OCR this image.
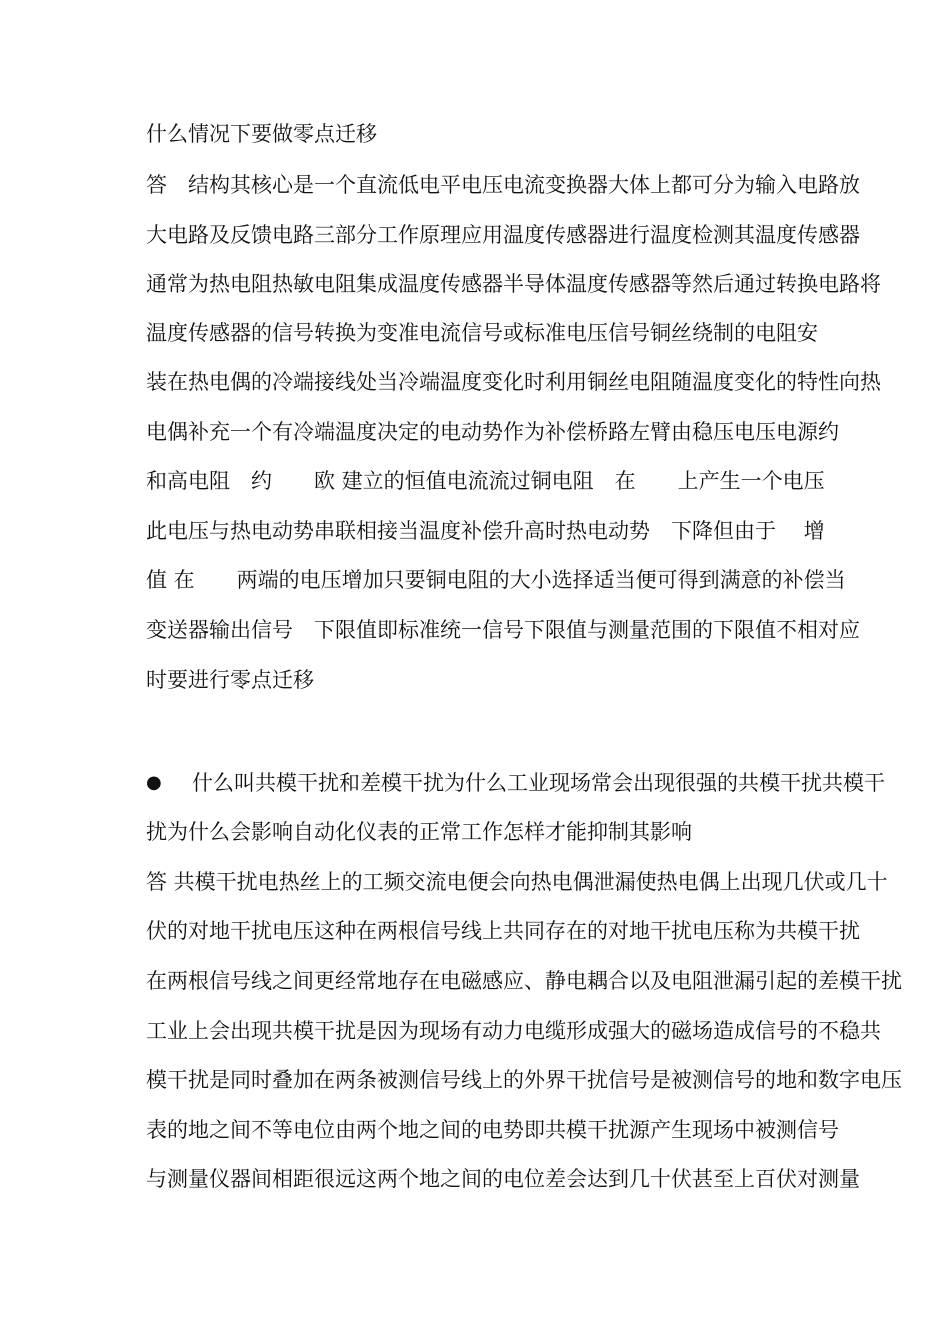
什么情况下要做零点迁移
答　结构其核心是一个直流低电平电压电流变换器大体上都可分为输入电路放
大电路及反馈电路三部分工作原理应用温度传感器进行温度检测其温度传感器
通常为热电阻热敏电阻集成温度传感器半导体温度传感器等然后通过转换电路将
温度传感器的信号转换为变准电流信号或标准电压信号铜丝绕制的电阻安
装在热电偶的冷端接线处当冷端温度变化时利用铜丝电阻随温度变化的特性向热
电偶补充一个有冷端温度决定的电动势作为补偿桥路左臂由稳压电压电源约
和高电阻　约　　欧 建立的恒值电流流过铜电阻　在　　上产生一个电压
此电压与热电动势串联相接当温度补偿升高时热电动势　下降但由于　 增
值 在　　两端的电压增加只要铜电阻的大小选择适当便可得到满意的补偿当
变送器输出信号　下限值即标准统一信号下限值与测量范围的下限值不相对应
时要进行零点迁移
● 什么叫共模干扰和差模干扰为什么工业现场常会出现很强的共模干扰共模干
扰为什么会影响自动化仪表的正常工作怎样才能抑制其影响
答 共模干扰电热丝上的工频交流电便会向热电偶泄漏使热电偶上出现几伏或几十
伏的对地干扰电压这种在两根信号线上共同存在的对地干扰电压称为共模干扰
在两根信号线之间更经常地存在电磁感应、静电耦合以及电阻泄漏引起的差模干扰
工业上会出现共模干扰是因为现场有动力电缆形成强大的磁场造成信号的不稳共
模干扰是同时叠加在两条被测信号线上的外界干扰信号是被测信号的地和数字电压
表的地之间不等电位由两个地之间的电势即共模干扰源产生现场中被测信号
与测量仪器间相距很远这两个地之间的电位差会达到几十伏甚至上百伏对测量
